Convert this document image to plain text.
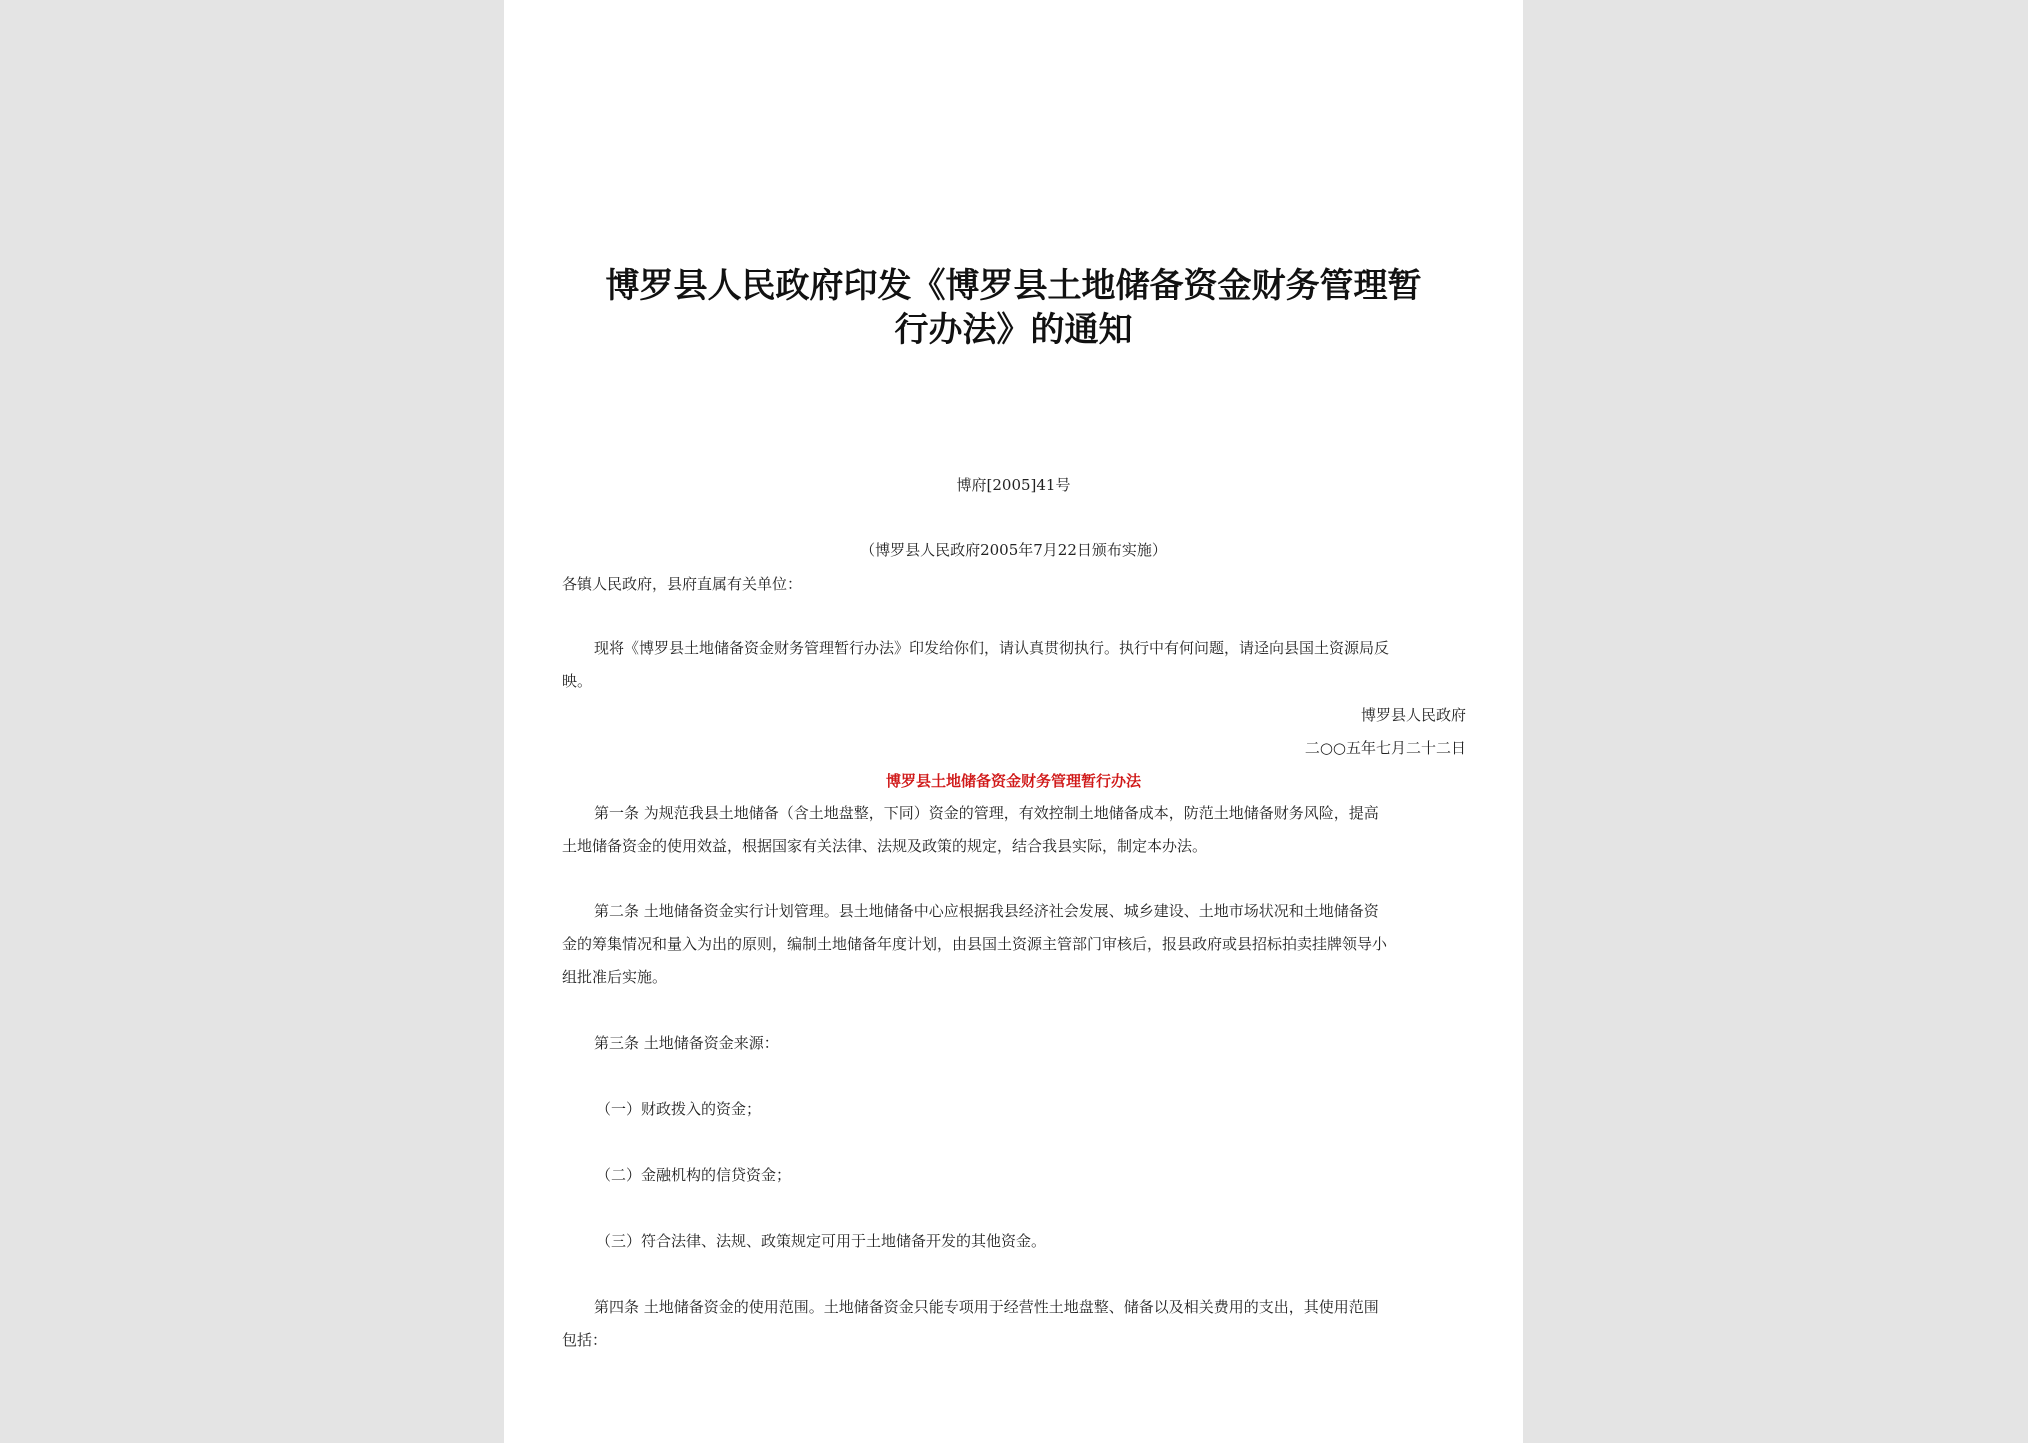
博罗县人民政府印发《博罗县土地储备资金财务管理暂
行办法》的通知
博府[2005]41号
（博罗县人民政府2005年7月22日颁布实施）
各镇人民政府，县府直属有关单位：
现将《博罗县土地储备资金财务管理暂行办法》印发给你们，请认真贯彻执行。执行中有何问题，请迳向县国土资源局反
映。
博罗县人民政府
二○○五年七月二十二日
博罗县土地储备资金财务管理暂行办法
第一条 为规范我县土地储备（含土地盘整，下同）资金的管理，有效控制土地储备成本，防范土地储备财务风险，提高
土地储备资金的使用效益，根据国家有关法律、法规及政策的规定，结合我县实际，制定本办法。
第二条 土地储备资金实行计划管理。县土地储备中心应根据我县经济社会发展、城乡建设、土地市场状况和土地储备资
金的筹集情况和量入为出的原则，编制土地储备年度计划，由县国土资源主管部门审核后，报县政府或县招标拍卖挂牌领导小
组批准后实施。
第三条 土地储备资金来源：
（一）财政拨入的资金；
（二）金融机构的信贷资金；
（三）符合法律、法规、政策规定可用于土地储备开发的其他资金。
第四条 土地储备资金的使用范围。土地储备资金只能专项用于经营性土地盘整、储备以及相关费用的支出，其使用范围
包括：
